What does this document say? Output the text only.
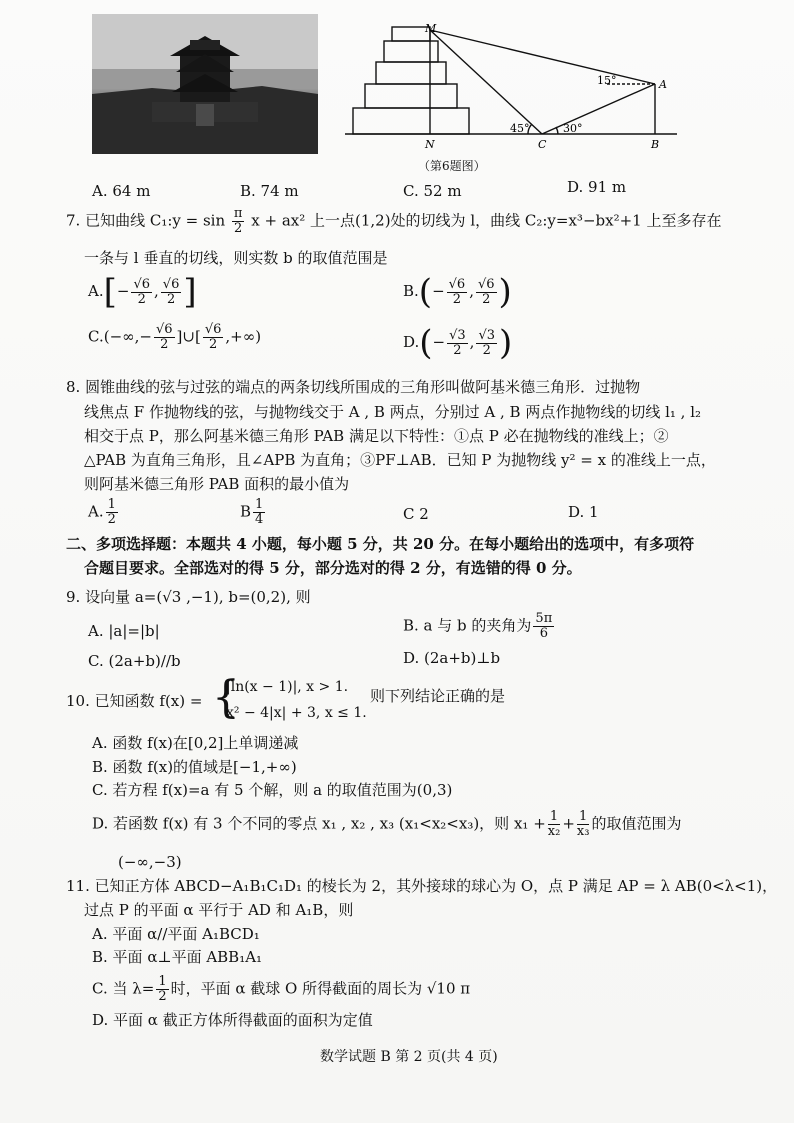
M
A
N	C	B
15°
45°	30°
（第6题图）
A. 64 m	B. 74 m	C. 52 m	D. 91 m
7. 已知曲线 C₁:y = $\sin \frac{\pi}{2}$ x + ax² 上一点(1,2)处的切线为 l，曲线 C₂:y=x³−bx²+1 上至多存在
一条与 l 垂直的切线，则实数 b 的取值范围是
$A.[- \frac{√6}{2}$ , $\frac{√6}{2}$ ]	$B.(- \frac{√6}{2}$ , $\frac{√6}{2}$ )
$C.(-\infty,- \frac{√6}{2}$ ]∪[ $\frac{√6}{2}$ ,+∞)	$D.(- \frac{√3}{2}$ , $\frac{√3}{2}$ )
8. 圆锥曲线的弦与过弦的端点的两条切线所围成的三角形叫做阿基米德三角形．过抛物
线焦点 F 作抛物线的弦，与抛物线交于 A , B 两点，分别过 A , B 两点作抛物线的切线 l₁ , l₂
相交于点 P，那么阿基米德三角形 PAB 满足以下特性：①点 P 必在抛物线的准线上；②
△PAB 为直角三角形，且∠APB 为直角；③PF⊥AB．已知 P 为抛物线 y² = x 的准线上一点，
则阿基米德三角形 PAB 面积的最小值为
A. $\frac{1}{2}$	B $\frac{1}{4}$	C 2	D. 1
二、多项选择题：本题共 4 小题，每小题 5 分，共 20 分。在每小题给出的选项中，有多项符
合题目要求。全部选对的得 5 分，部分选对的得 2 分，有选错的得 0 分。
9. 设向量 a=(√3 ,−1), b=(0,2), 则
A. |a|=|b|	B. a 与 b 的夹角为 $\frac{5\pi}{6}$
C. (2a+b)//b	D. (2a+b)⊥b
10. 已知函数 f(x) = {
|ln(x − 1)|, x > 1.
x² − 4|x| + 3, x ≤ 1.
则下列结论正确的是
A. 函数 f(x)在[0,2]上单调递减
B. 函数 f(x)的值域是[−1,+∞)
C. 若方程 f(x)=a 有 5 个解，则 a 的取值范围为(0,3)
D. 若函数 f(x) 有 3 个不同的零点 x₁ , x₂ , x₃ (x₁<x₂<x₃)，则 $x_1 + \frac{1}{\text{x₂}} + \frac{1}{\text{x₃}}$ 的取值范围为
(−∞,−3)
11. 已知正方体 ABCD−A₁B₁C₁D₁ 的棱长为 2，其外接球的球心为 O，点 P 满足 AP = λ AB(0<λ<1)，
过点 P 的平面 α 平行于 AD 和 A₁B，则
A. 平面 α//平面 A₁BCD₁
B. 平面 α⊥平面 ABB₁A₁
C. 当 $\lambda= \frac{1}{2}$ 时，平面 α 截球 O 所得截面的周长为 √10 π
D. 平面 α 截正方体所得截面的面积为定值
数学试题 B 第 2 页(共 4 页)
